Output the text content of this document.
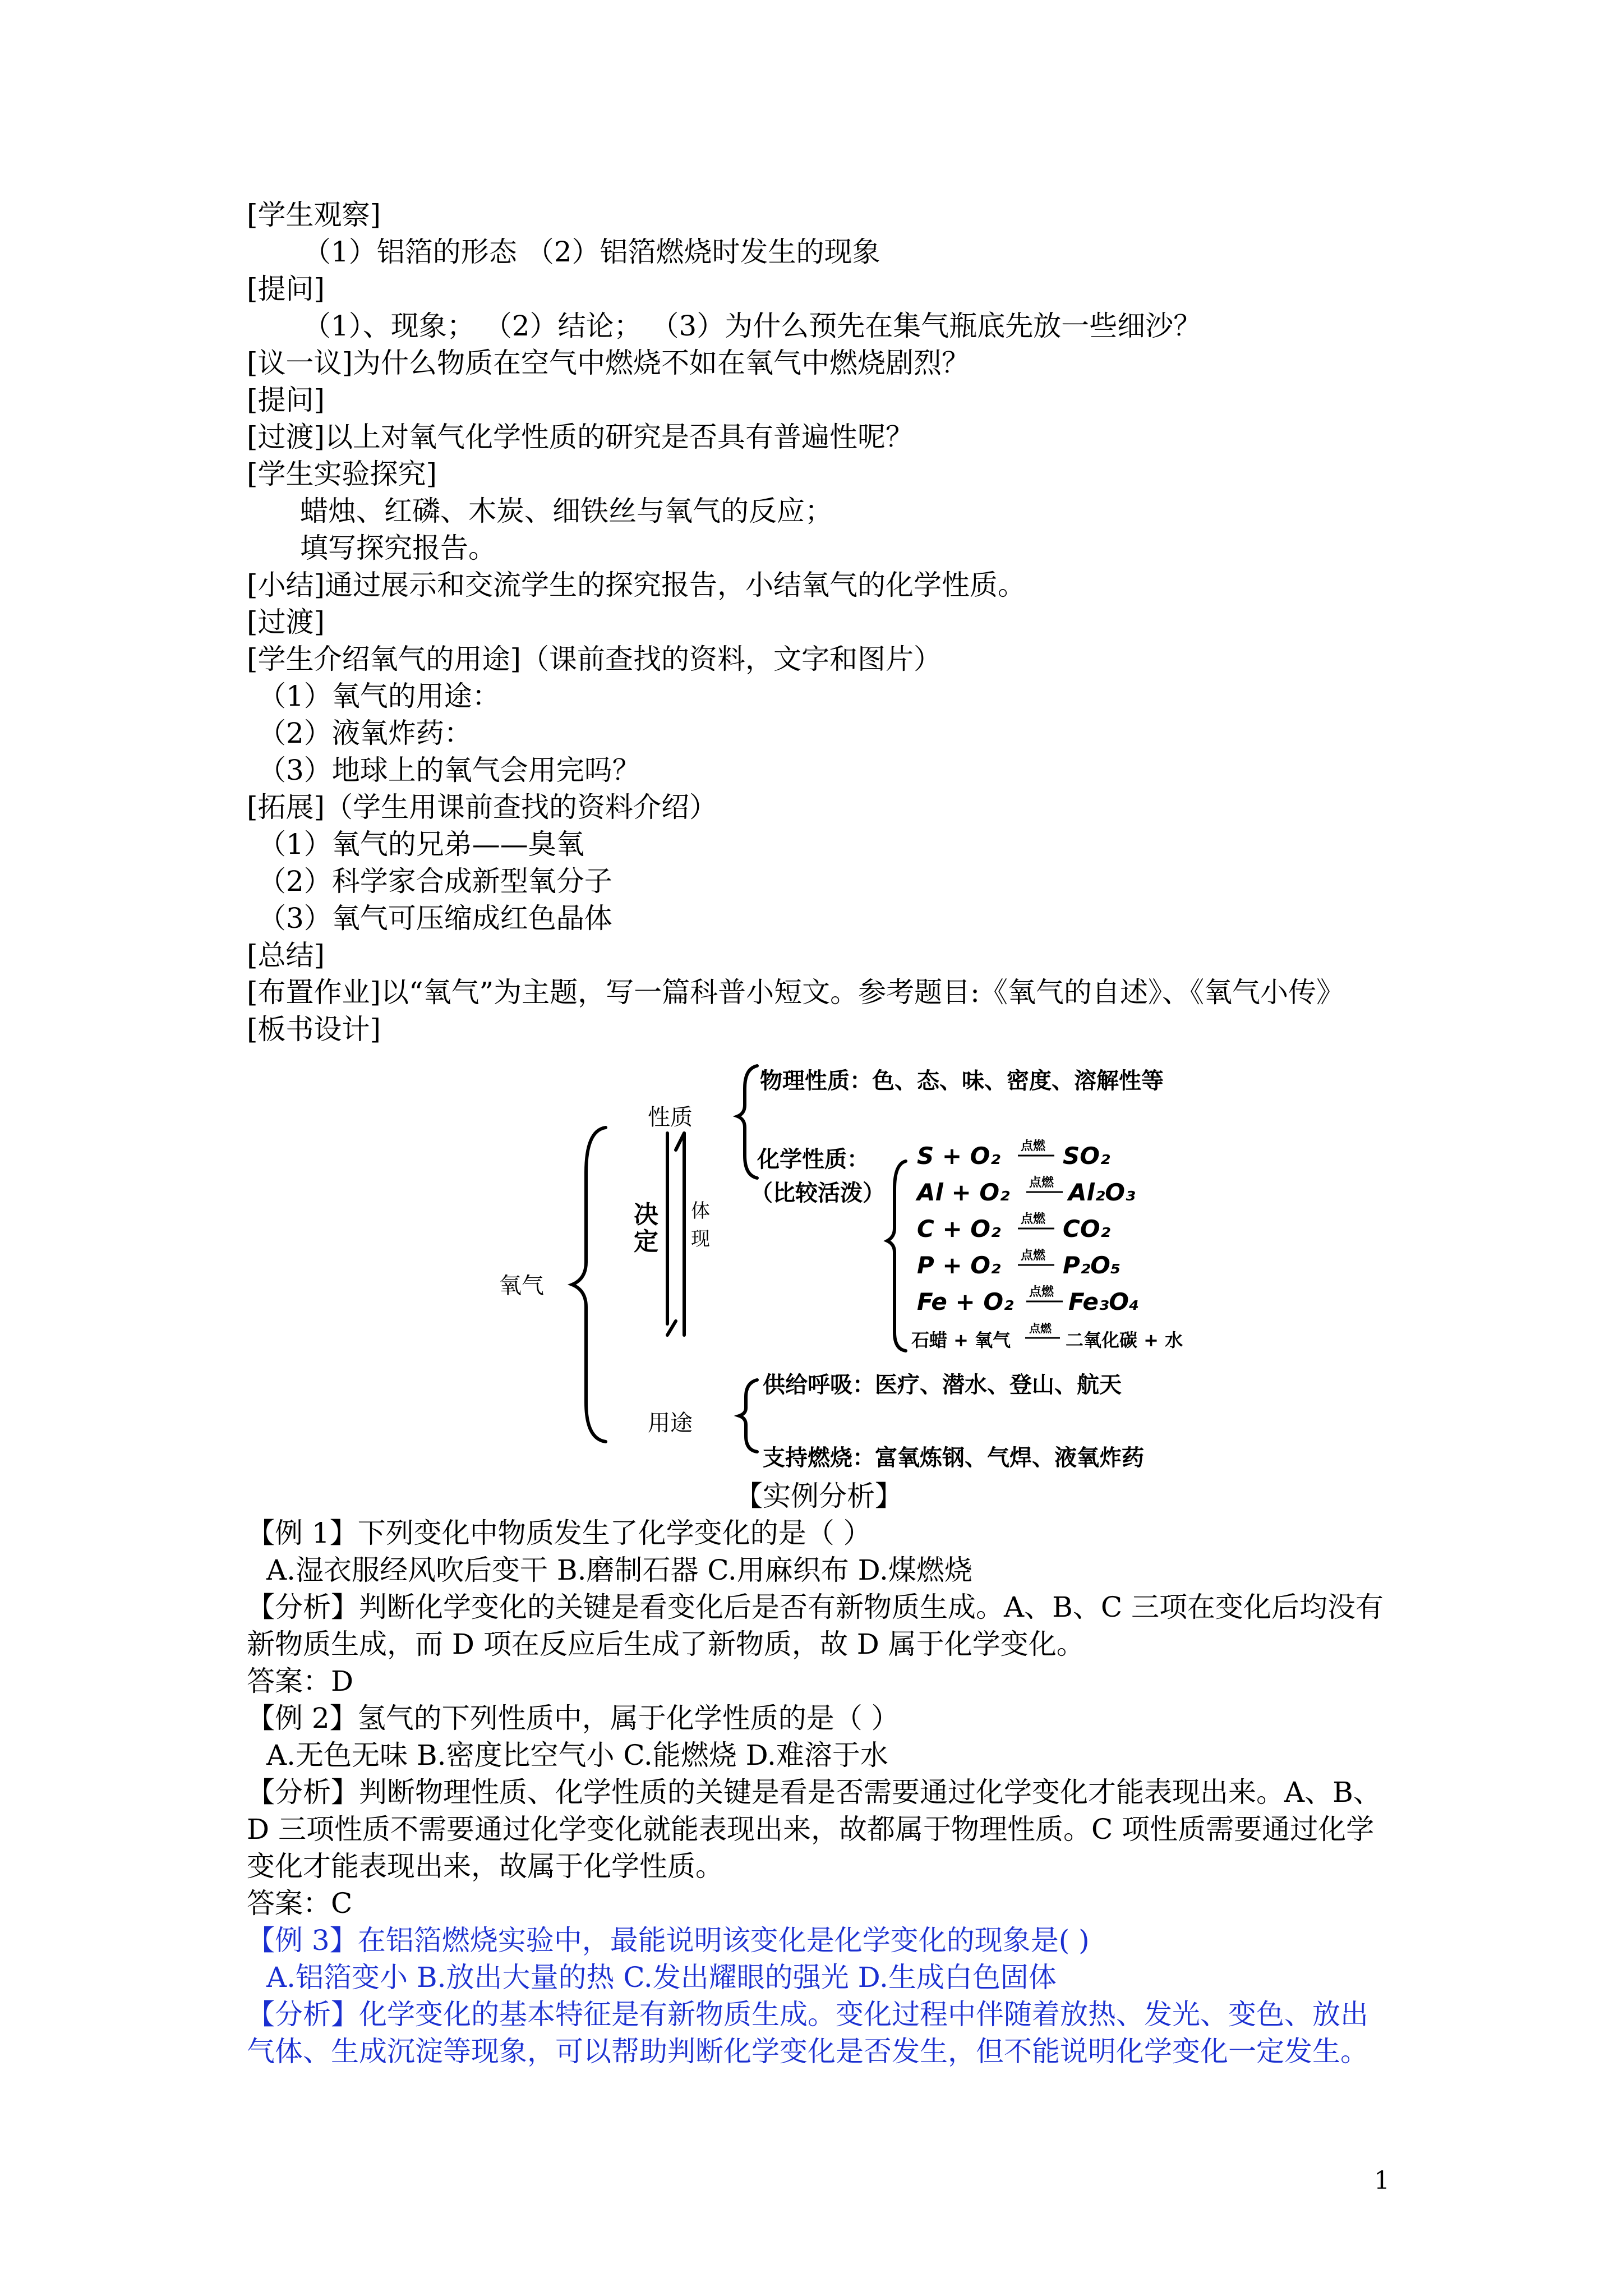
[学生观察]
（1）铝箔的形态 （2）铝箔燃烧时发生的现象
[提问]
（1）、现象； （2）结论； （3）为什么预先在集气瓶底先放一些细沙？
[议一议]为什么物质在空气中燃烧不如在氧气中燃烧剧烈？
[提问]
[过渡]以上对氧气化学性质的研究是否具有普遍性呢？
[学生实验探究]
蜡烛、红磷、木炭、细铁丝与氧气的反应；
填写探究报告。
[小结]通过展示和交流学生的探究报告，小结氧气的化学性质。
[过渡]
[学生介绍氧气的用途]（课前查找的资料，文字和图片）
（1）氧气的用途：
（2）液氧炸药：
（3）地球上的氧气会用完吗？
[拓展]（学生用课前查找的资料介绍）
（1）氧气的兄弟——臭氧
（2）科学家合成新型氧分子
（3）氧气可压缩成红色晶体
[总结]
[布置作业]以“氧气”为主题，写一篇科普小短文。参考题目:《氧气的自述》、《氧气小传》
[板书设计]
氧气
性质
用途
决
定
体
现
物理性质：色、态、味、密度、溶解性等
化学性质：
（比较活泼）
S + O₂ 点燃 SO₂
Al + O₂ 点燃 Al₂O₃
C + O₂ 点燃 CO₂
P + O₂ 点燃 P₂O₅
Fe + O₂ 点燃 Fe₃O₄
石蜡 + 氧气
点燃
二氧化碳 + 水
供给呼吸：医疗、潜水、登山、航天
支持燃烧：富氧炼钢、气焊、液氧炸药
【实例分析】
【例 1】下列变化中物质发生了化学变化的是（ ）
A.湿衣服经风吹后变干 B.磨制石器 C.用麻织布 D.煤燃烧
【分析】判断化学变化的关键是看变化后是否有新物质生成。A、B、C 三项在变化后均没有
新物质生成，而 D 项在反应后生成了新物质，故 D 属于化学变化。
答案：D
【例 2】氢气的下列性质中，属于化学性质的是（ ）
A.无色无味 B.密度比空气小 C.能燃烧 D.难溶于水
【分析】判断物理性质、化学性质的关键是看是否需要通过化学变化才能表现出来。A、B、
D 三项性质不需要通过化学变化就能表现出来，故都属于物理性质。C 项性质需要通过化学
变化才能表现出来，故属于化学性质。
答案：C
【例 3】在铝箔燃烧实验中，最能说明该变化是化学变化的现象是( )
A.铝箔变小 B.放出大量的热 C.发出耀眼的强光 D.生成白色固体
【分析】化学变化的基本特征是有新物质生成。变化过程中伴随着放热、发光、变色、放出
气体、生成沉淀等现象，可以帮助判断化学变化是否发生，但不能说明化学变化一定发生。
1
